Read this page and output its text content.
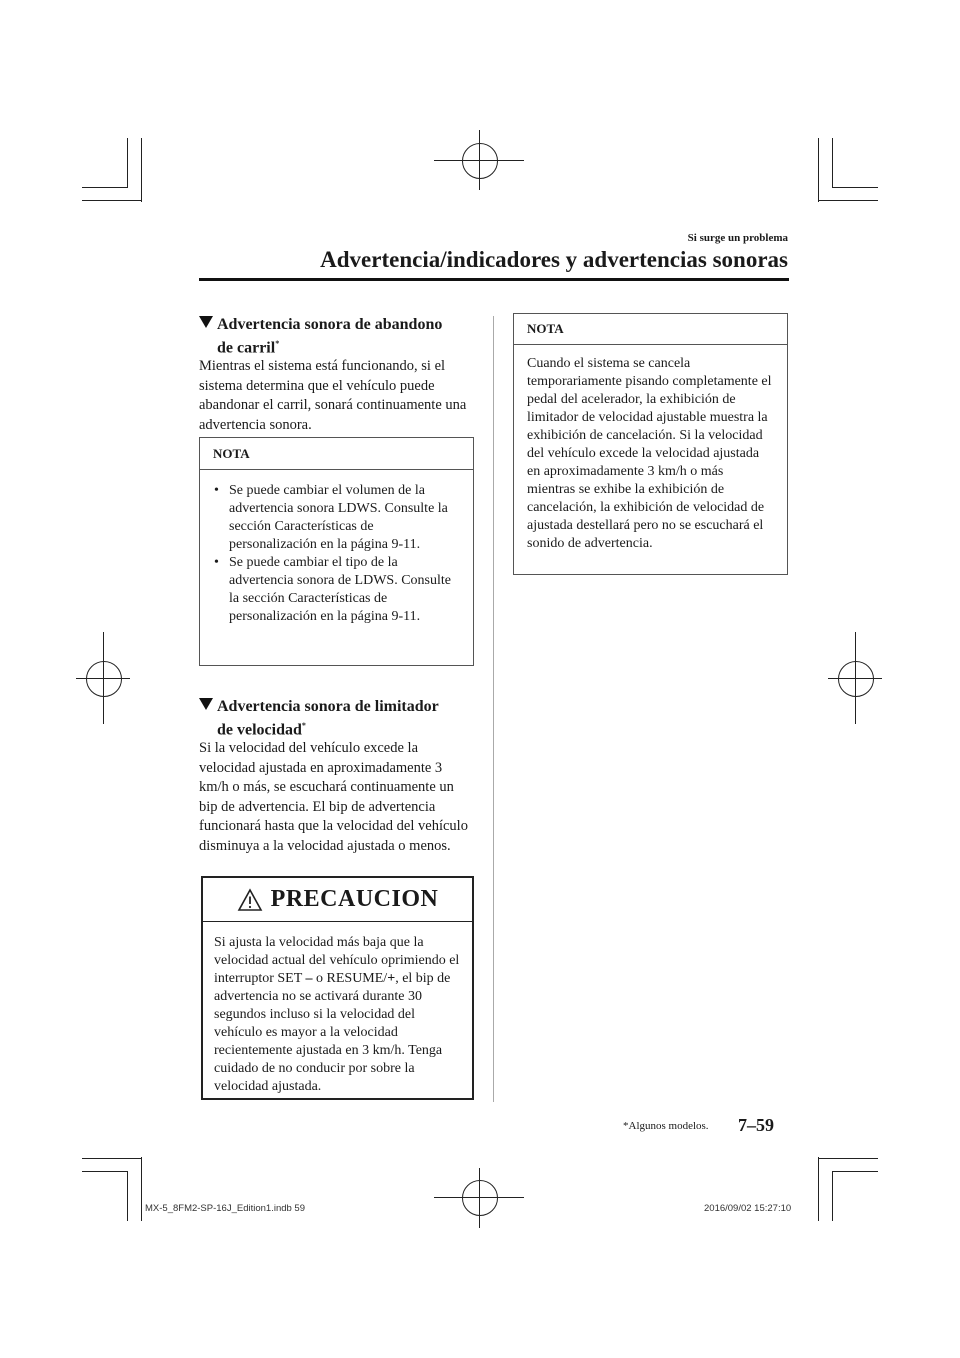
Si surge un problema
Advertencia/indicadores y advertencias sonoras
Advertencia sonora de abandono
de carril*
Mientras el sistema está funcionando, si el sistema determina que el vehículo puede abandonar el carril, sonará continuamente una advertencia sonora.
NOTA
• Se puede cambiar el volumen de la advertencia sonora LDWS. Consulte la sección Características de personalización en la página 9-11.
• Se puede cambiar el tipo de la advertencia sonora de LDWS. Consulte la sección Características de personalización en la página 9-11.
Advertencia sonora de limitador
de velocidad*
Si la velocidad del vehículo excede la velocidad ajustada en aproximadamente 3 km/h o más, se escuchará continuamente un bip de advertencia. El bip de advertencia funcionará hasta que la velocidad del vehículo disminuya a la velocidad ajustada o menos.
PRECAUCION
Si ajusta la velocidad más baja que la velocidad actual del vehículo oprimiendo el interruptor SET – o RESUME/+, el bip de advertencia no se activará durante 30 segundos incluso si la velocidad del vehículo es mayor a la velocidad recientemente ajustada en 3 km/h. Tenga cuidado de no conducir por sobre la velocidad ajustada.
NOTA
Cuando el sistema se cancela temporariamente pisando completamente el pedal del acelerador, la exhibición de limitador de velocidad ajustable muestra la exhibición de cancelación. Si la velocidad del vehículo excede la velocidad ajustada en aproximadamente 3 km/h o más mientras se exhibe la exhibición de cancelación, la exhibición de velocidad de ajustada destellará pero no se escuchará el sonido de advertencia.
*Algunos modelos. 7–59
MX-5_8FM2-SP-16J_Edition1.indb 59	2016/09/02 15:27:10
